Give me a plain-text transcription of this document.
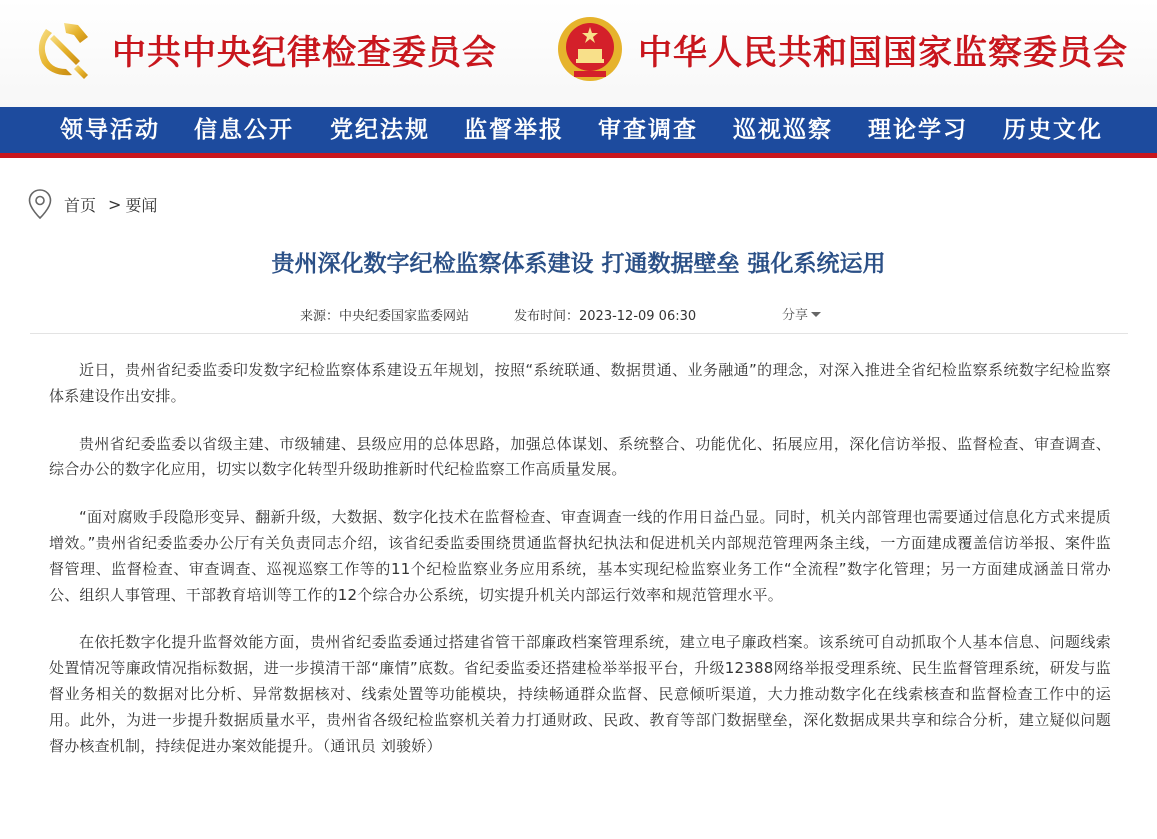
中共中央纪律检查委员会	中华人民共和国国家监察委员会
领导活动 信息公开 党纪法规 监督举报 审查调查 巡视巡察 理论学习 历史文化
首页 > 要闻
贵州深化数字纪检监察体系建设 打通数据壁垒 强化系统运用
来源：中央纪委国家监委网站	发布时间：2023-12-09 06:30	分享

近日，贵州省纪委监委印发数字纪检监察体系建设五年规划，按照“系统联通、数据贯通、业务融通”的理念，对深入推进全省纪检监察系统数字纪检监察体系建设作出安排。

贵州省纪委监委以省级主建、市级辅建、县级应用的总体思路，加强总体谋划、系统整合、功能优化、拓展应用，深化信访举报、监督检查、审查调查、综合办公的数字化应用，切实以数字化转型升级助推新时代纪检监察工作高质量发展。

“面对腐败手段隐形变异、翻新升级，大数据、数字化技术在监督检查、审查调查一线的作用日益凸显。同时，机关内部管理也需要通过信息化方式来提质增效。”贵州省纪委监委办公厅有关负责同志介绍，该省纪委监委围绕贯通监督执纪执法和促进机关内部规范管理两条主线，一方面建成覆盖信访举报、案件监督管理、监督检查、审查调查、巡视巡察工作等的11个纪检监察业务应用系统，基本实现纪检监察业务工作“全流程”数字化管理；另一方面建成涵盖日常办公、组织人事管理、干部教育培训等工作的12个综合办公系统，切实提升机关内部运行效率和规范管理水平。

在依托数字化提升监督效能方面，贵州省纪委监委通过搭建省管干部廉政档案管理系统，建立电子廉政档案。该系统可自动抓取个人基本信息、问题线索处置情况等廉政情况指标数据，进一步摸清干部“廉情”底数。省纪委监委还搭建检举举报平台，升级12388网络举报受理系统、民生监督管理系统，研发与监督业务相关的数据对比分析、异常数据核对、线索处置等功能模块，持续畅通群众监督、民意倾听渠道，大力推动数字化在线索核查和监督检查工作中的运用。此外，为进一步提升数据质量水平，贵州省各级纪检监察机关着力打通财政、民政、教育等部门数据壁垒，深化数据成果共享和综合分析，建立疑似问题督办核查机制，持续促进办案效能提升。（通讯员 刘骏娇）
